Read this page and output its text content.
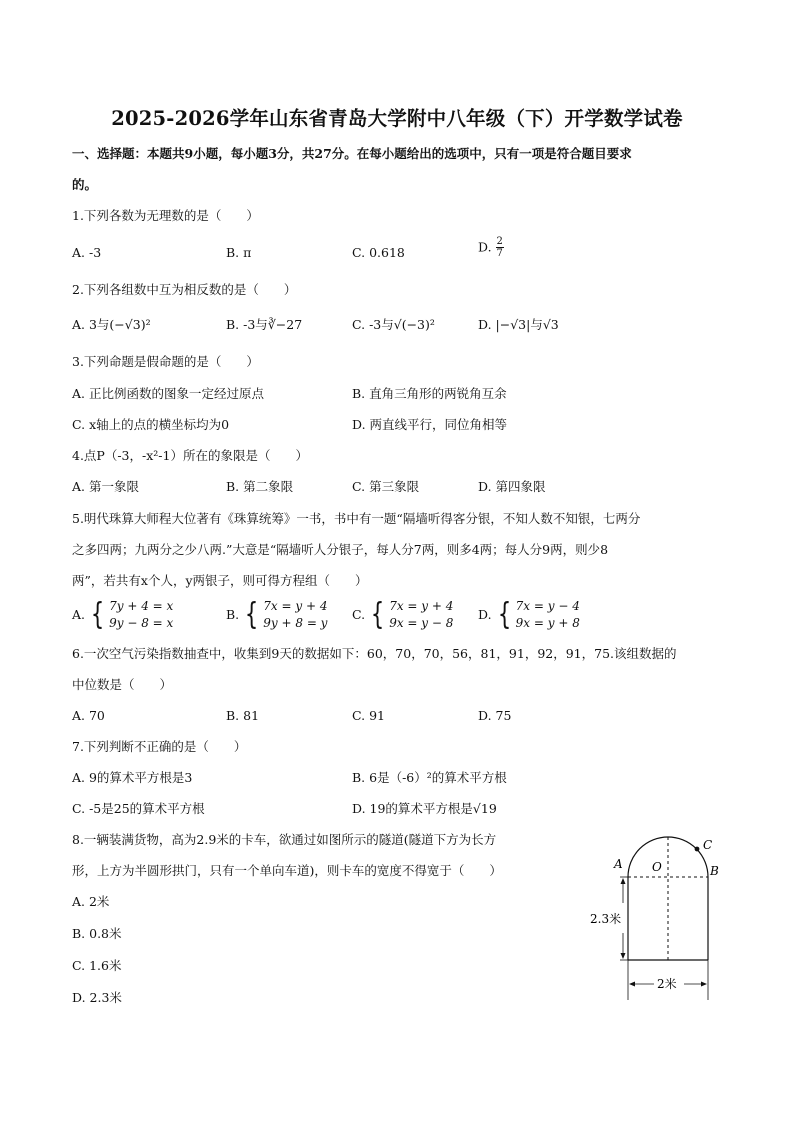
2025-2026学年山东省青岛大学附中八年级（下）开学数学试卷
一、选择题：本题共9小题，每小题3分，共27分。在每小题给出的选项中，只有一项是符合题目要求
的。
1.下列各数为无理数的是（　　）
A. -3	B. π	C. 0.618	D. $\frac{2}{7}$
2.下列各组数中互为相反数的是（　　）
A. 3与(−√3)²	B. -3与∛−27	C. -3与√(−3)²	D. |−√3|与√3
3.下列命题是假命题的是（　　）
A. 正比例函数的图象一定经过原点	B. 直角三角形的两锐角互余
C. x轴上的点的横坐标均为0	D. 两直线平行，同位角相等
4.点P（-3，-x²-1）所在的象限是（　　）
A. 第一象限	B. 第二象限	C. 第三象限	D. 第四象限
5.明代珠算大师程大位著有《珠算统筹》一书，书中有一题“隔墙听得客分银，不知人数不知银，七两分
之多四两；九两分之少八两.”大意是“隔墙听人分银子，每人分7两，则多4两；每人分9两，则少8
两”，若共有x个人，y两银子，则可得方程组（　　）
A. { 7y + 4 = x
9y − 8 = x
B. { 7x = y + 4
9y + 8 = y
C. { 7x = y + 4
9x = y − 8
D. { 7x = y − 4
9x = y + 8
6.一次空气污染指数抽查中，收集到9天的数据如下：60，70，70，56，81，91，92，91，75.该组数据的
中位数是（　　）
A. 70	B. 81	C. 91	D. 75
7.下列判断不正确的是（　　）
A. 9的算术平方根是3	B. 6是（-6）²的算术平方根
C. -5是25的算术平方根	D. 19的算术平方根是√19
8.一辆装满货物，高为2.9米的卡车，欲通过如图所示的隧道(隧道下方为长方
形，上方为半圆形拱门，只有一个单向车道)，则卡车的宽度不得宽于（　　）
A. 2米
B. 0.8米
C. 1.6米
D. 2.3米
A O	B
C
2.3米
2米
